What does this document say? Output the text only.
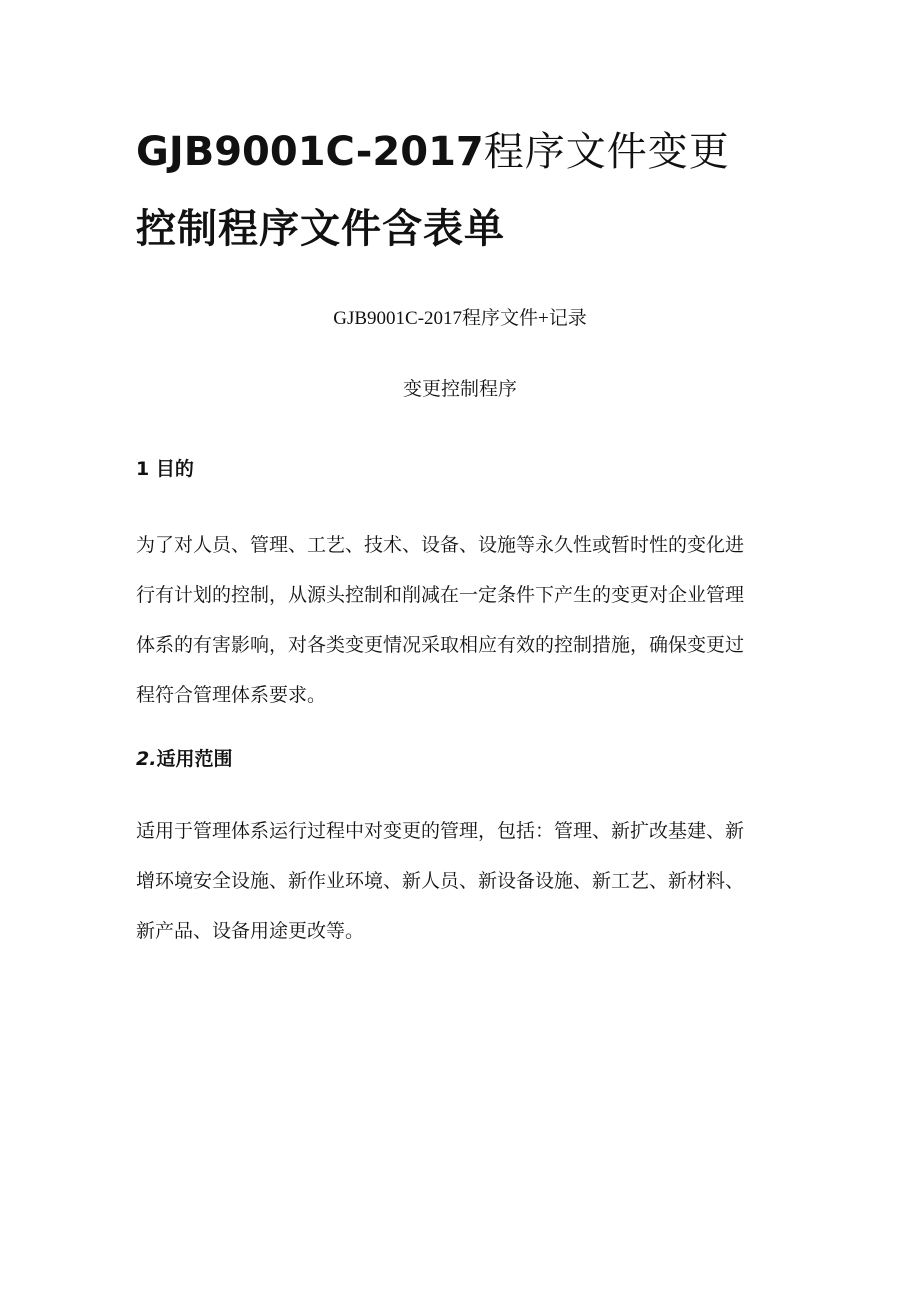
GJB9001C-2017程序文件变更
控制程序文件含表单
GJB9001C-2017程序文件+记录
变更控制程序
1 目的
为了对人员、管理、工艺、技术、设备、设施等永久性或暂时性的变化进
行有计划的控制，从源头控制和削减在一定条件下产生的变更对企业管理
体系的有害影响，对各类变更情况采取相应有效的控制措施，确保变更过
程符合管理体系要求。
2.适用范围
适用于管理体系运行过程中对变更的管理，包括：管理、新扩改基建、新
增环境安全设施、新作业环境、新人员、新设备设施、新工艺、新材料、
新产品、设备用途更改等。
